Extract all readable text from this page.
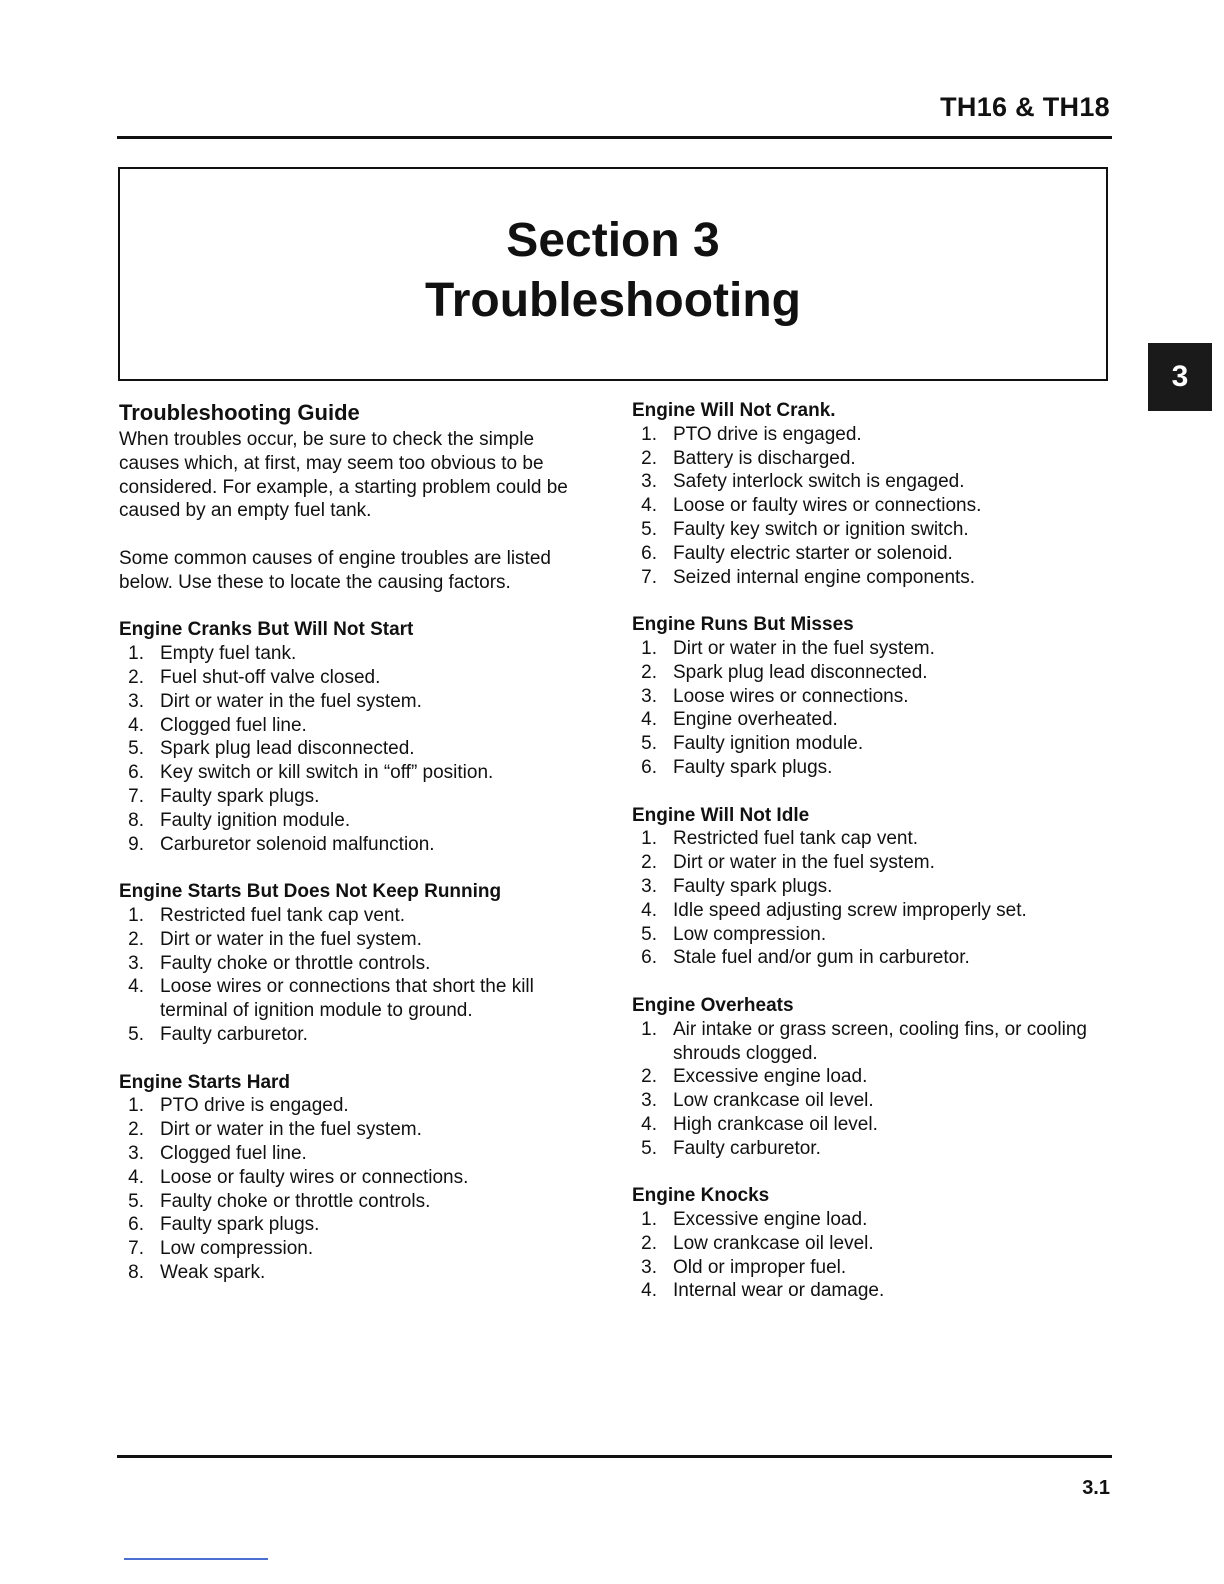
TH16 & TH18
Section 3
Troubleshooting
3
Troubleshooting Guide

When troubles occur, be sure to check the simple causes which, at first, may seem too obvious to be considered. For example, a starting problem could be caused by an empty fuel tank.

Some common causes of engine troubles are listed below. Use these to locate the causing factors.

Engine Cranks But Will Not Start
1. Empty fuel tank.
2. Fuel shut-off valve closed.
3. Dirt or water in the fuel system.
4. Clogged fuel line.
5. Spark plug lead disconnected.
6. Key switch or kill switch in “off” position.
7. Faulty spark plugs.
8. Faulty ignition module.
9. Carburetor solenoid malfunction.
Engine Starts But Does Not Keep Running
1. Restricted fuel tank cap vent.
2. Dirt or water in the fuel system.
3. Faulty choke or throttle controls.
4. Loose wires or connections that short the kill terminal of ignition module to ground.
5. Faulty carburetor.
Engine Starts Hard
1. PTO drive is engaged.
2. Dirt or water in the fuel system.
3. Clogged fuel line.
4. Loose or faulty wires or connections.
5. Faulty choke or throttle controls.
6. Faulty spark plugs.
7. Low compression.
8. Weak spark.
Engine Will Not Crank.
1. PTO drive is engaged.
2. Battery is discharged.
3. Safety interlock switch is engaged.
4. Loose or faulty wires or connections.
5. Faulty key switch or ignition switch.
6. Faulty electric starter or solenoid.
7. Seized internal engine components.
Engine Runs But Misses
1. Dirt or water in the fuel system.
2. Spark plug lead disconnected.
3. Loose wires or connections.
4. Engine overheated.
5. Faulty ignition module.
6. Faulty spark plugs.
Engine Will Not Idle
1. Restricted fuel tank cap vent.
2. Dirt or water in the fuel system.
3. Faulty spark plugs.
4. Idle speed adjusting screw improperly set.
5. Low compression.
6. Stale fuel and/or gum in carburetor.
Engine Overheats
1. Air intake or grass screen, cooling fins, or cooling shrouds clogged.
2. Excessive engine load.
3. Low crankcase oil level.
4. High crankcase oil level.
5. Faulty carburetor.
Engine Knocks
1. Excessive engine load.
2. Low crankcase oil level.
3. Old or improper fuel.
4. Internal wear or damage.
3.1
